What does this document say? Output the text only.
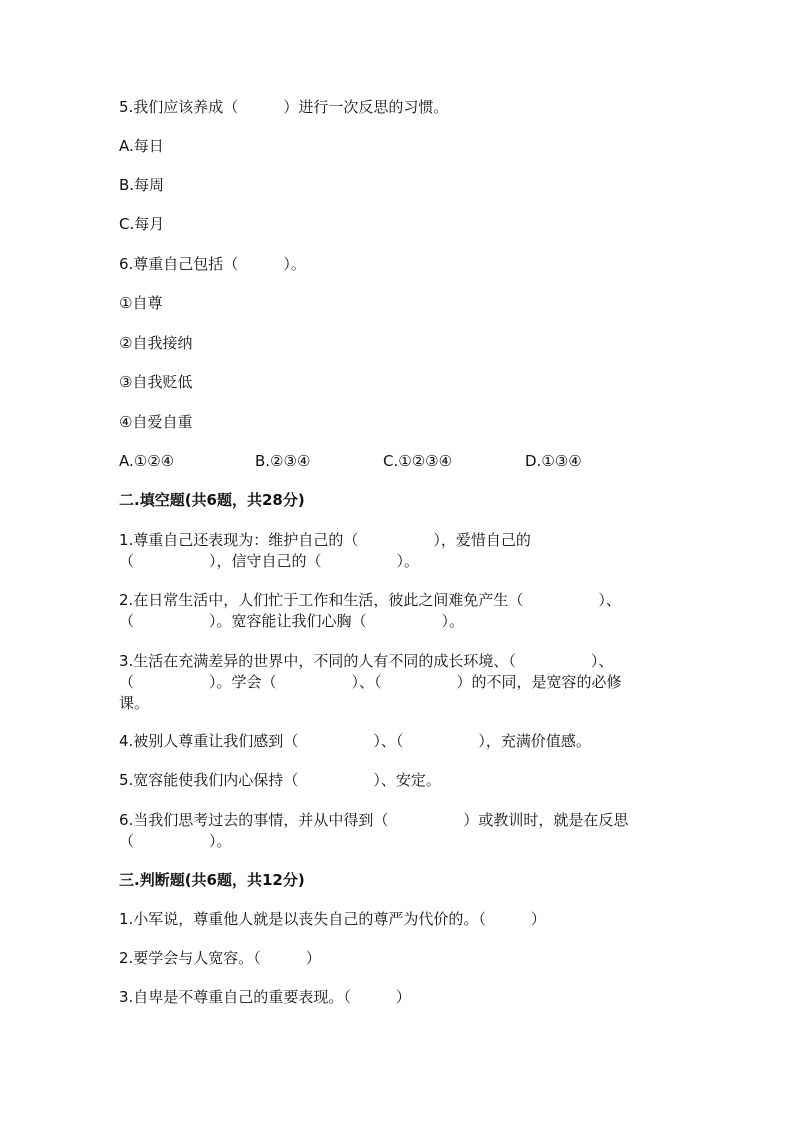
5.我们应该养成（　　　）进行一次反思的习惯。
A.每日
B.每周
C.每月
6.尊重自己包括（　　　）。
①自尊
②自我接纳
③自我贬低
④自爱自重
A.①②④	B.②③④	C.①②③④	D.①③④
二.填空题(共6题，共28分)
1.尊重自己还表现为：维护自己的（　　　　　），爱惜自己的
（　　　　　），信守自己的（　　　　　）。
2.在日常生活中，人们忙于工作和生活，彼此之间难免产生（　　　　　）、
（　　　　　）。宽容能让我们心胸（　　　　　）。
3.生活在充满差异的世界中，不同的人有不同的成长环境、（　　　　　）、
（　　　　　）。学会（　　　　　）、（　　　　　）的不同，是宽容的必修
课。
4.被别人尊重让我们感到（　　　　　）、（　　　　　），充满价值感。
5.宽容能使我们内心保持（　　　　　）、安定。
6.当我们思考过去的事情，并从中得到（　　　　　）或教训时，就是在反思
（　　　　　）。
三.判断题(共6题，共12分)
1.小军说，尊重他人就是以丧失自己的尊严为代价的。（　　　）
2.要学会与人宽容。（　　　）
3.自卑是不尊重自己的重要表现。（　　　）
